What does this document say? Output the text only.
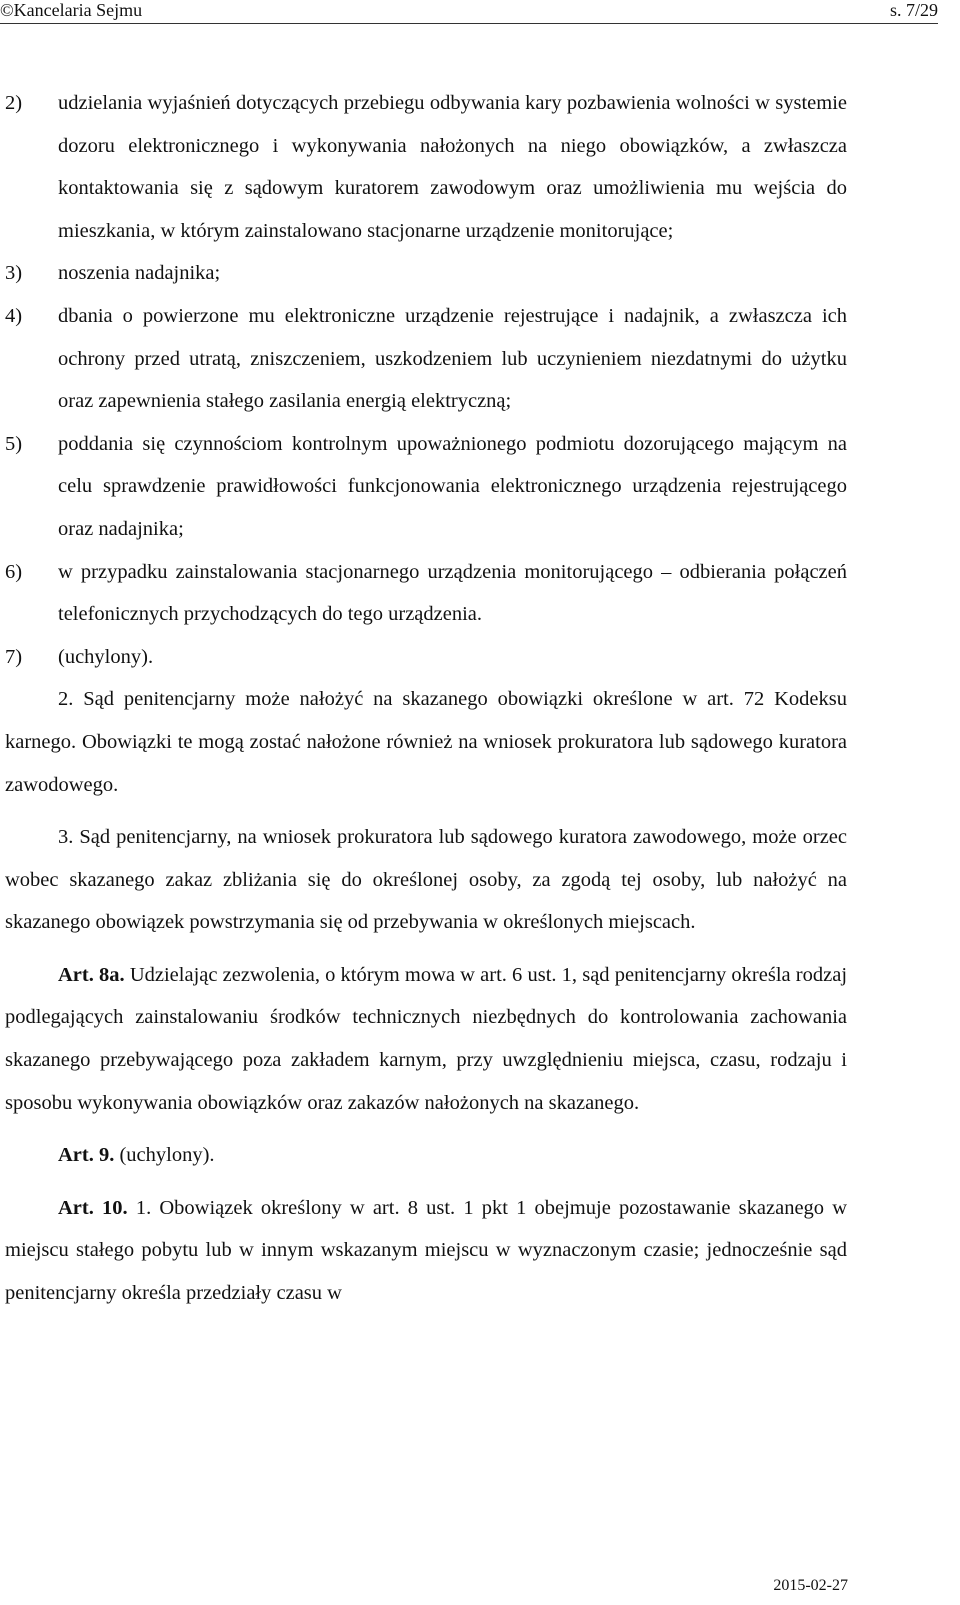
©Kancelaria Sejmu	s. 7/29
2) udzielania wyjaśnień dotyczących przebiegu odbywania kary pozbawienia wolności w systemie dozoru elektronicznego i wykonywania nałożonych na niego obowiązków, a zwłaszcza kontaktowania się z sądowym kuratorem zawodowym oraz umożliwienia mu wejścia do mieszkania, w którym zainstalowano stacjonarne urządzenie monitorujące;
3) noszenia nadajnika;
4) dbania o powierzone mu elektroniczne urządzenie rejestrujące i nadajnik, a zwłaszcza ich ochrony przed utratą, zniszczeniem, uszkodzeniem lub uczynieniem niezdatnymi do użytku oraz zapewnienia stałego zasilania energią elektryczną;
5) poddania się czynnościom kontrolnym upoważnionego podmiotu dozorującego mającym na celu sprawdzenie prawidłowości funkcjonowania elektronicznego urządzenia rejestrującego oraz nadajnika;
6) w przypadku zainstalowania stacjonarnego urządzenia monitorującego – odbierania połączeń telefonicznych przychodzących do tego urządzenia.
7) (uchylony).
2. Sąd penitencjarny może nałożyć na skazanego obowiązki określone w art. 72 Kodeksu karnego. Obowiązki te mogą zostać nałożone również na wniosek prokuratora lub sądowego kuratora zawodowego.
3. Sąd penitencjarny, na wniosek prokuratora lub sądowego kuratora zawodowego, może orzec wobec skazanego zakaz zbliżania się do określonej osoby, za zgodą tej osoby, lub nałożyć na skazanego obowiązek powstrzymania się od przebywania w określonych miejscach.
Art. 8a. Udzielając zezwolenia, o którym mowa w art. 6 ust. 1, sąd penitencjarny określa rodzaj podlegających zainstalowaniu środków technicznych niezbędnych do kontrolowania zachowania skazanego przebywającego poza zakładem karnym, przy uwzględnieniu miejsca, czasu, rodzaju i sposobu wykonywania obowiązków oraz zakazów nałożonych na skazanego.
Art. 9. (uchylony).
Art. 10. 1. Obowiązek określony w art. 8 ust. 1 pkt 1 obejmuje pozostawanie skazanego w miejscu stałego pobytu lub w innym wskazanym miejscu w wyznaczonym czasie; jednocześnie sąd penitencjarny określa przedziały czasu w
2015-02-27
